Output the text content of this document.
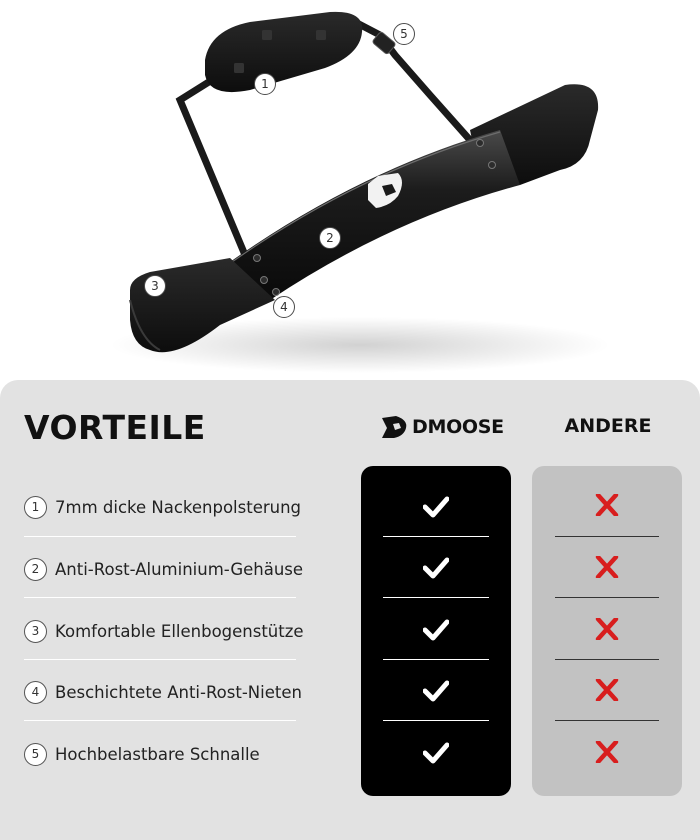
1
5
2
3
4
VORTEILE	DMOOSE	ANDERE
1 7mm dicke Nackenpolsterung
2 Anti-Rost-Aluminium-Gehäuse
3 Komfortable Ellenbogenstütze
4 Beschichtete Anti-Rost-Nieten
5 Hochbelastbare Schnalle
